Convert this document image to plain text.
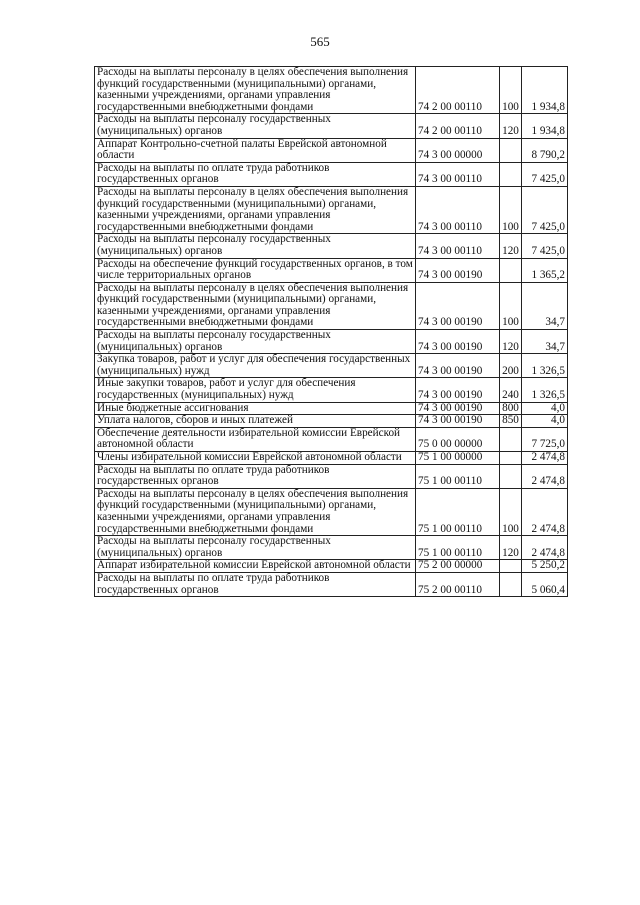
565
Расходы на выплаты персоналу в целях обеспечения выполнения функций государственными (муниципальными) органами, казенными учреждениями, органами управления государственными внебюджетными фондами	74 2 00 00110	100	1 934,8
Расходы на выплаты персоналу государственных (муниципальных) органов	74 2 00 00110	120	1 934,8
Аппарат Контрольно-счетной палаты Еврейской автономной области	74 3 00 00000		8 790,2
Расходы на выплаты по оплате труда работников государственных органов	74 3 00 00110		7 425,0
Расходы на выплаты персоналу в целях обеспечения выполнения функций государственными (муниципальными) органами, казенными учреждениями, органами управления государственными внебюджетными фондами	74 3 00 00110	100	7 425,0
Расходы на выплаты персоналу государственных (муниципальных) органов	74 3 00 00110	120	7 425,0
Расходы на обеспечение функций государственных органов, в том числе территориальных органов	74 3 00 00190		1 365,2
Расходы на выплаты персоналу в целях обеспечения выполнения функций государственными (муниципальными) органами, казенными учреждениями, органами управления государственными внебюджетными фондами	74 3 00 00190	100	34,7
Расходы на выплаты персоналу государственных (муниципальных) органов	74 3 00 00190	120	34,7
Закупка товаров, работ и услуг для обеспечения государственных (муниципальных) нужд	74 3 00 00190	200	1 326,5
Иные закупки товаров, работ и услуг для обеспечения государственных (муниципальных) нужд	74 3 00 00190	240	1 326,5
Иные бюджетные ассигнования	74 3 00 00190	800	4,0
Уплата налогов, сборов и иных платежей	74 3 00 00190	850	4,0
Обеспечение деятельности избирательной комиссии Еврейской автономной области	75 0 00 00000		7 725,0
Члены избирательной комиссии Еврейской автономной области	75 1 00 00000		2 474,8
Расходы на выплаты по оплате труда работников государственных органов	75 1 00 00110		2 474,8
Расходы на выплаты персоналу в целях обеспечения выполнения функций государственными (муниципальными) органами, казенными учреждениями, органами управления государственными внебюджетными фондами	75 1 00 00110	100	2 474,8
Расходы на выплаты персоналу государственных (муниципальных) органов	75 1 00 00110	120	2 474,8
Аппарат избирательной комиссии Еврейской автономной области	75 2 00 00000		5 250,2
Расходы на выплаты по оплате труда работников государственных органов	75 2 00 00110		5 060,4
